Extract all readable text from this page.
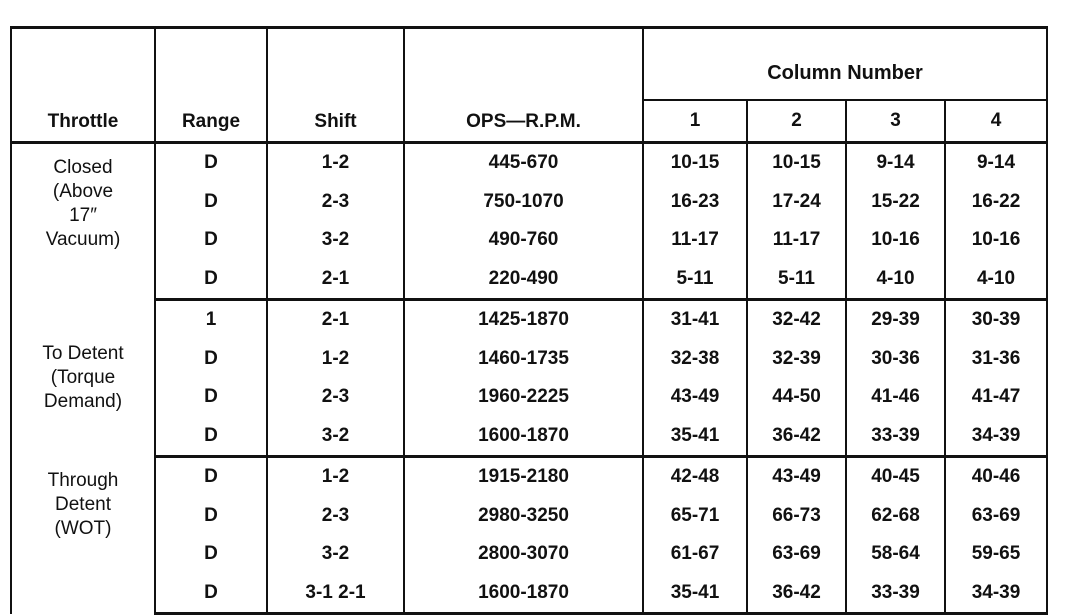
Throttle	Range	Shift	OPS—R.P.M.	Column Number			
				1	2	3	4

Closed
(Above
17″
Vacuum)	D	1-2	445-670	10-15	10-15	9-14	9-14
	D	2-3	750-1070	16-23	17-24	15-22	16-22
	D	3-2	490-760	11-17	11-17	10-16	10-16
	D	2-1	220-490	5-11	5-11	4-10	4-10

To Detent
(Torque
Demand)	1	2-1	1425-1870	31-41	32-42	29-39	30-39
	D	1-2	1460-1735	32-38	32-39	30-36	31-36
	D	2-3	1960-2225	43-49	44-50	41-46	41-47
	D	3-2	1600-1870	35-41	36-42	33-39	34-39

Through
Detent
(WOT)	D	1-2	1915-2180	42-48	43-49	40-45	40-46
	D	2-3	2980-3250	65-71	66-73	62-68	63-69
	D	3-2	2800-3070	61-67	63-69	58-64	59-65
	D	3-1 2-1	1600-1870	35-41	36-42	33-39	34-39
